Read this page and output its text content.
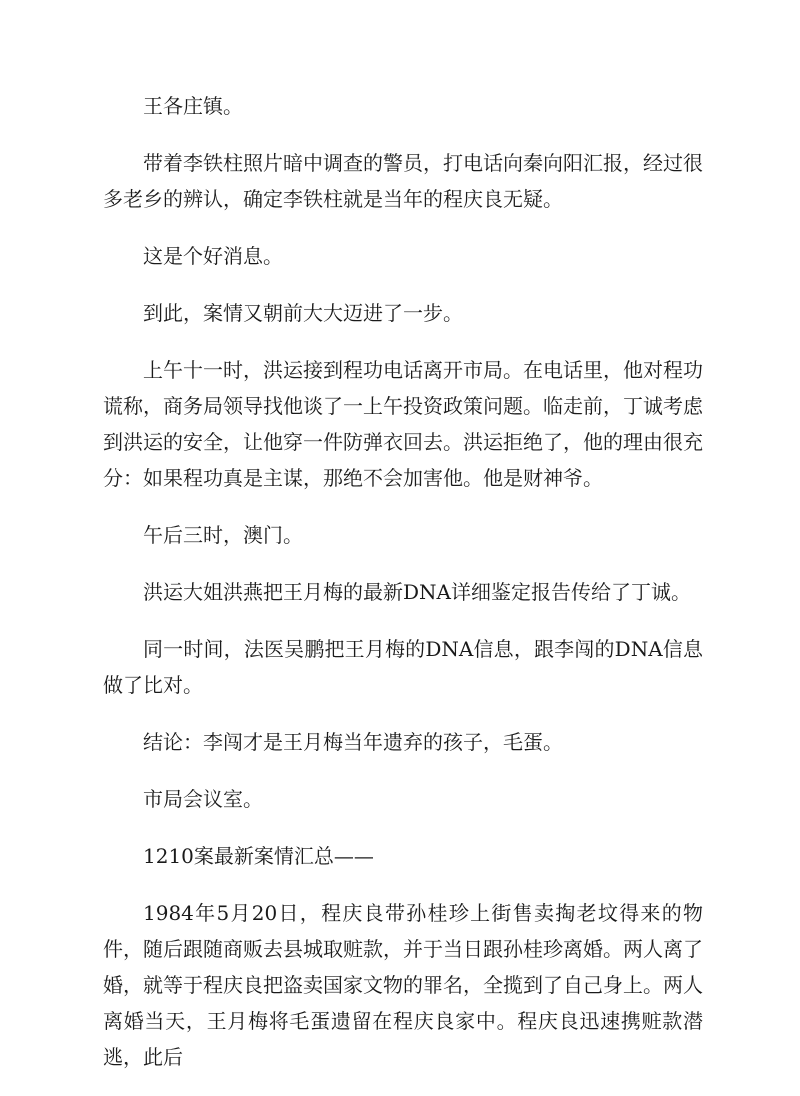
王各庄镇。

带着李铁柱照片暗中调查的警员，打电话向秦向阳汇报，经过很多老乡的辨认，确定李铁柱就是当年的程庆良无疑。

这是个好消息。

到此，案情又朝前大大迈进了一步。

上午十一时，洪运接到程功电话离开市局。在电话里，他对程功谎称，商务局领导找他谈了一上午投资政策问题。临走前，丁诚考虑到洪运的安全，让他穿一件防弹衣回去。洪运拒绝了，他的理由很充分：如果程功真是主谋，那绝不会加害他。他是财神爷。

午后三时，澳门。

洪运大姐洪燕把王月梅的最新DNA详细鉴定报告传给了丁诚。

同一时间，法医吴鹏把王月梅的DNA信息，跟李闯的DNA信息做了比对。

结论：李闯才是王月梅当年遗弃的孩子，毛蛋。

市局会议室。

1210案最新案情汇总——

1984年5月20日，程庆良带孙桂珍上街售卖掏老坟得来的物件，随后跟随商贩去县城取赃款，并于当日跟孙桂珍离婚。两人离了婚，就等于程庆良把盗卖国家文物的罪名，全揽到了自己身上。两人离婚当天，王月梅将毛蛋遗留在程庆良家中。程庆良迅速携赃款潜逃，此后
